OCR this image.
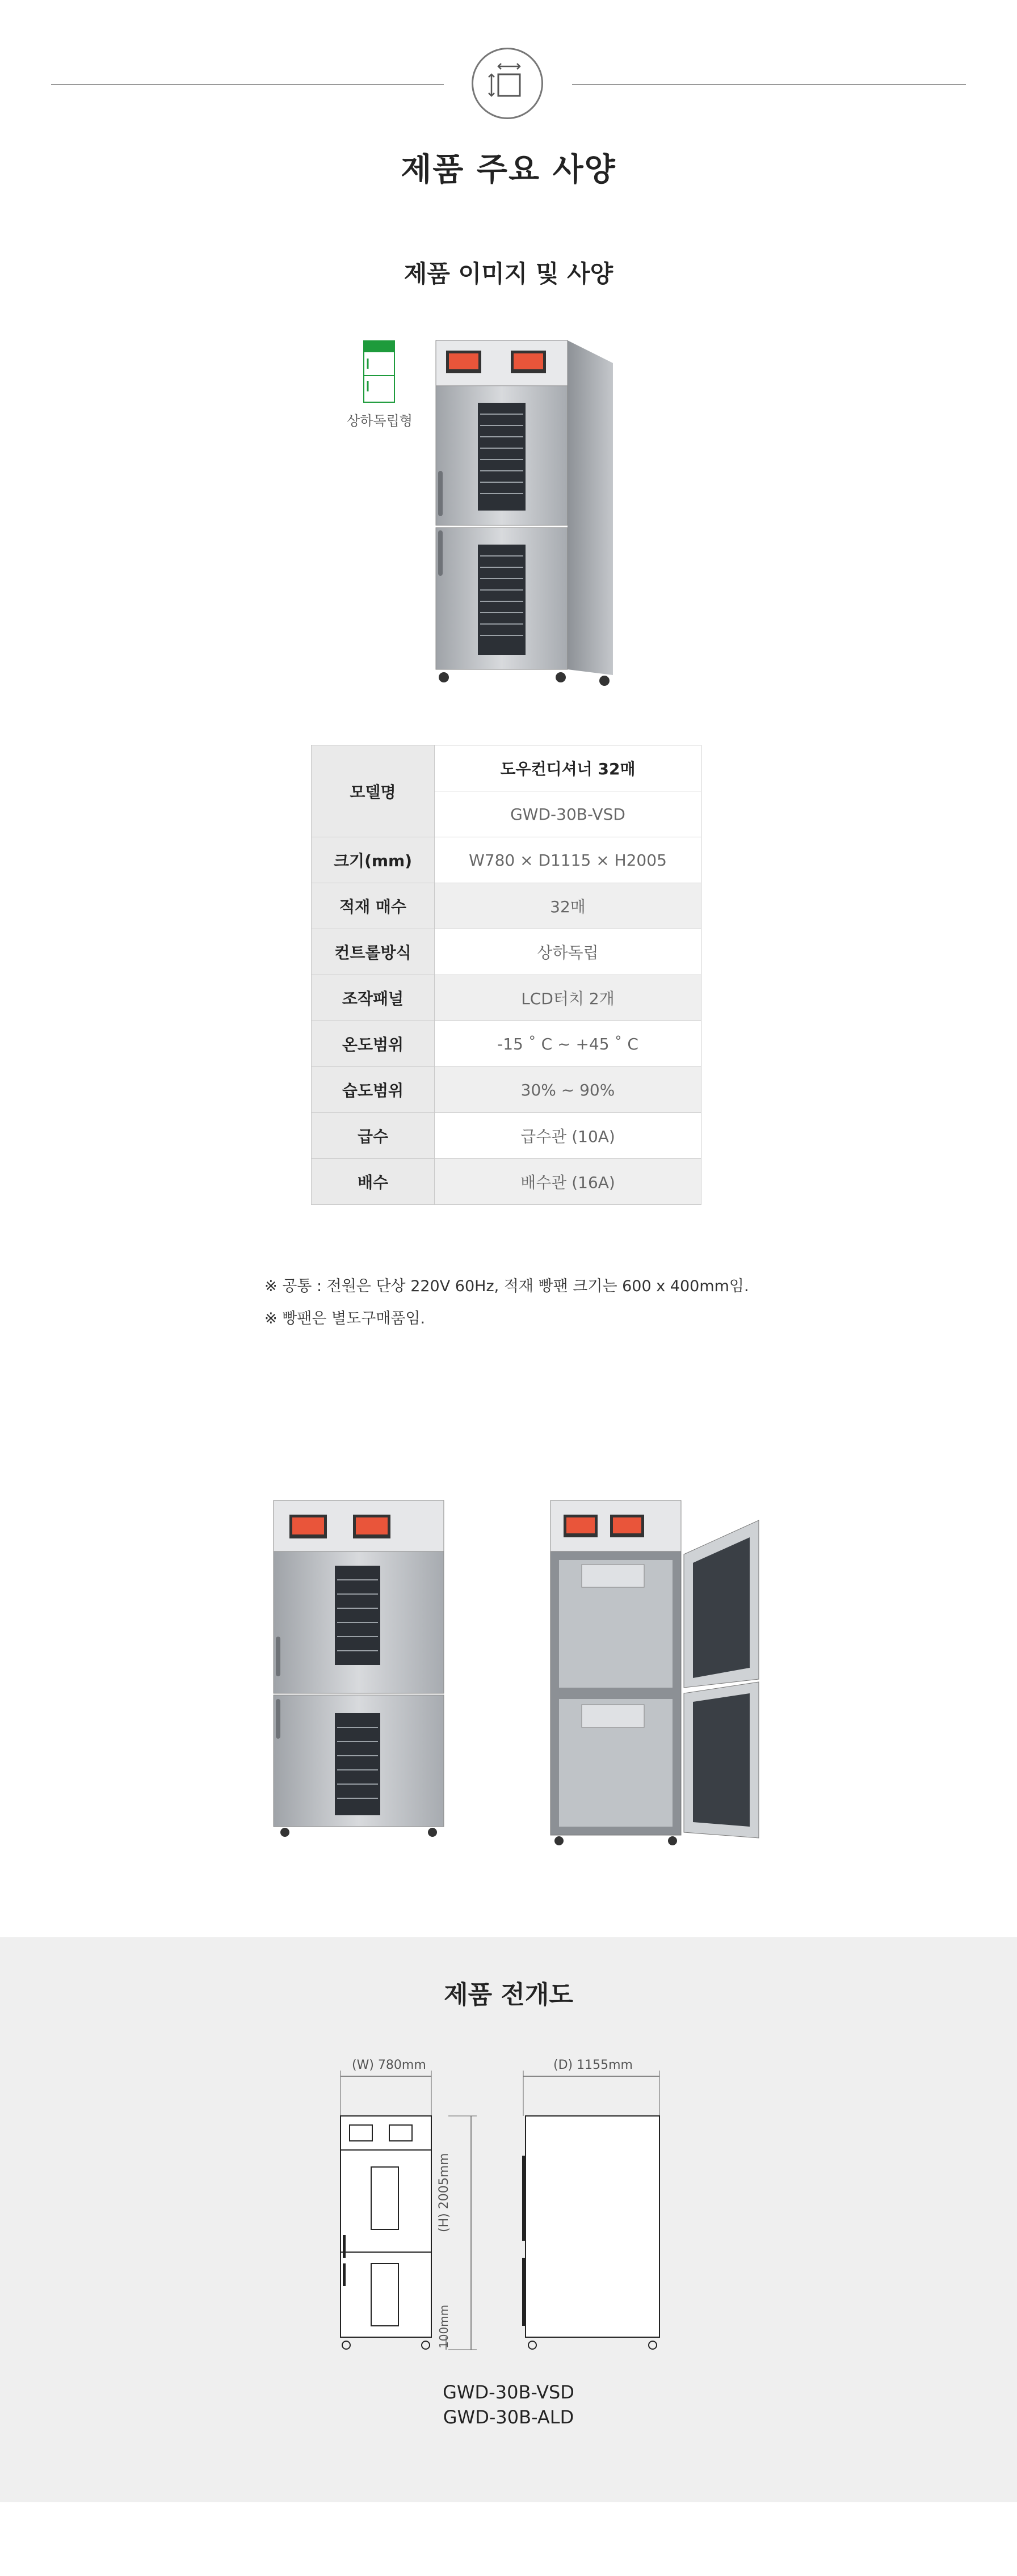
제품 주요 사양
제품 이미지 및 사양
상하독립형
모델명	도우컨디셔너 32매
	GWD-30B-VSD
크기(mm)	W780 × D1115 × H2005
적재 매수	32매
컨트롤방식	상하독립
조작패널	LCD터치 2개
온도범위	-15 ˚ C ~ +45 ˚ C
습도범위	30% ~ 90%
급수	급수관 (10A)
배수	배수관 (16A)
※ 공통 : 전원은 단상 220V 60Hz, 적재 빵팬 크기는 600 x 400mm임.
※ 빵팬은 별도구매품임.
제품 전개도
(W) 780mm
(H) 2005mm
100mm
(D) 1155mm
GWD-30B-VSD
GWD-30B-ALD
